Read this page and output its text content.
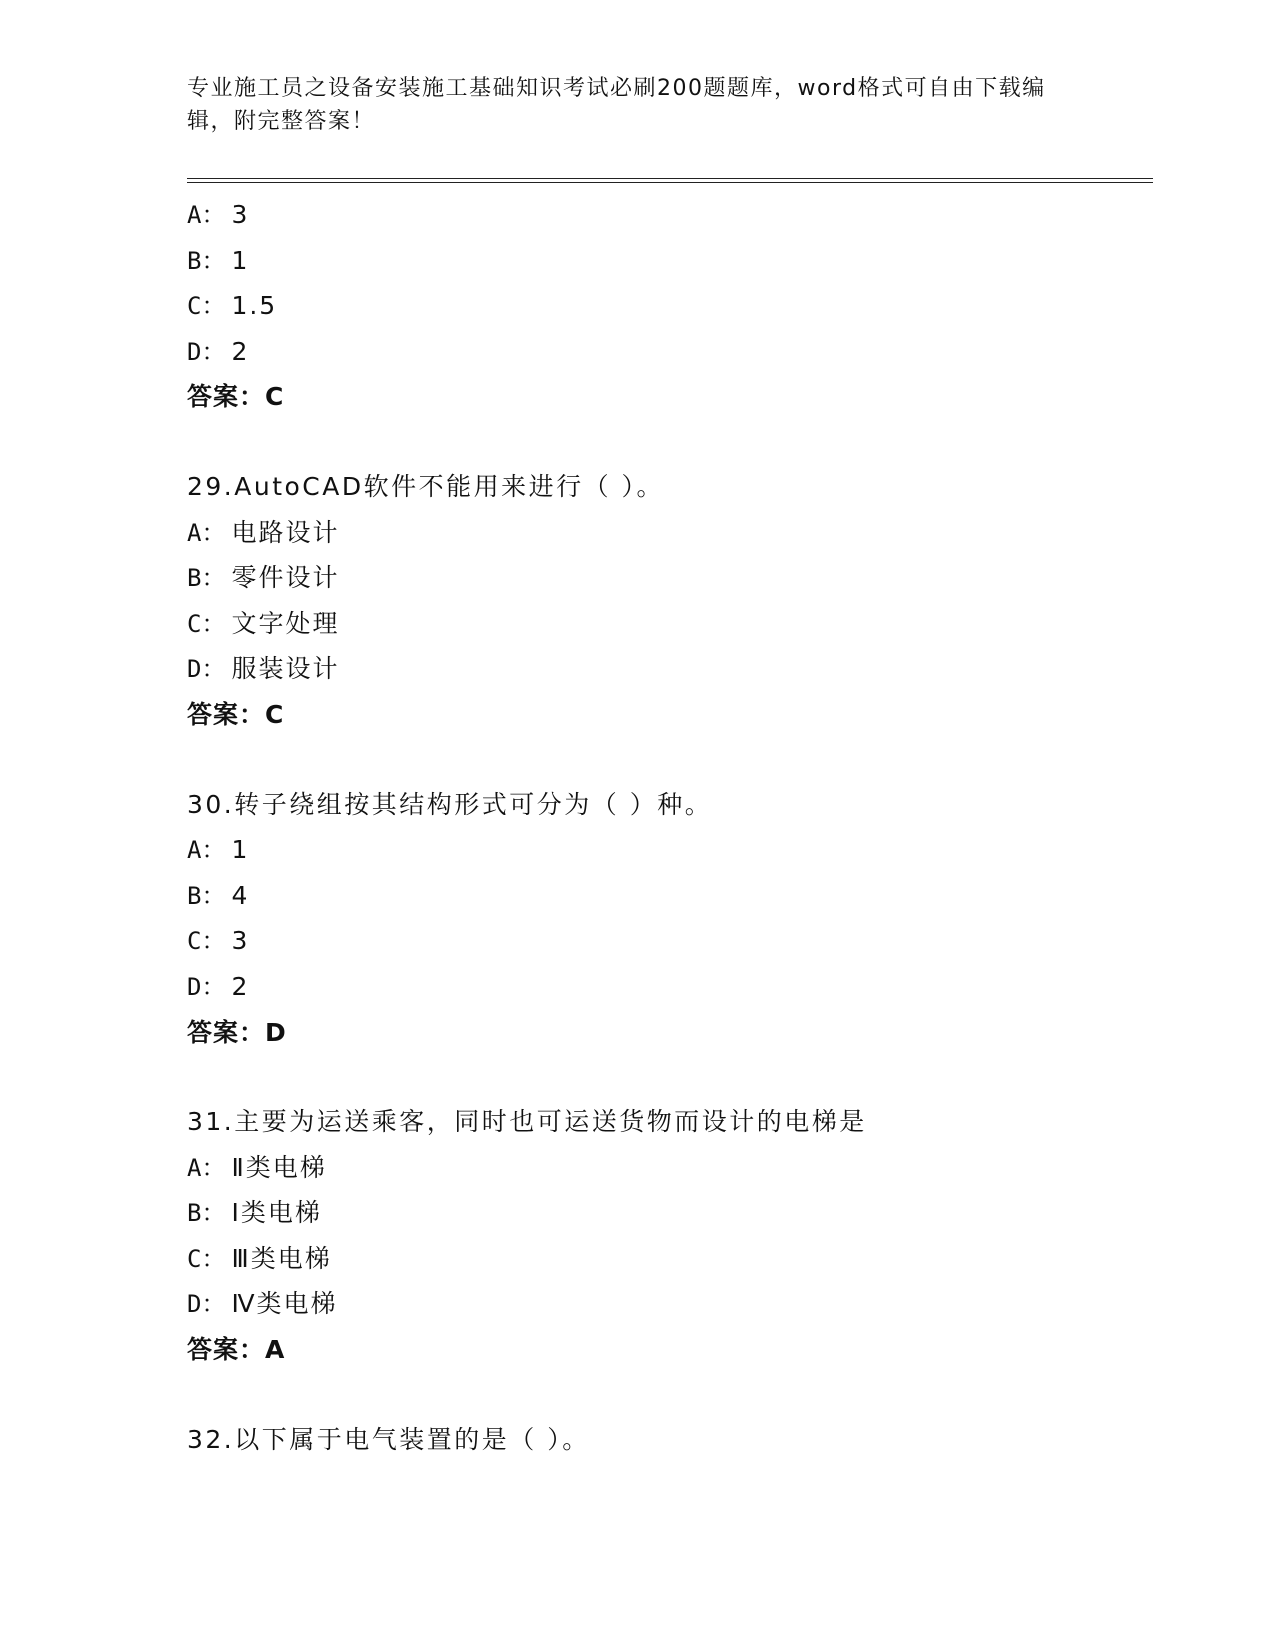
专业施工员之设备安装施工基础知识考试必刷200题题库，word格式可自由下载编辑，附完整答案！
A： 3
B： 1
C： 1.5
D： 2
答案：C
29.AutoCAD软件不能用来进行（ ）。
A： 电路设计
B： 零件设计
C： 文字处理
D： 服装设计
答案：C
30.转子绕组按其结构形式可分为（ ）种。
A： 1
B： 4
C： 3
D： 2
答案：D
31.主要为运送乘客，同时也可运送货物而设计的电梯是
A： Ⅱ类电梯
B： Ⅰ类电梯
C： Ⅲ类电梯
D： Ⅳ类电梯
答案：A
32.以下属于电气装置的是（ ）。
